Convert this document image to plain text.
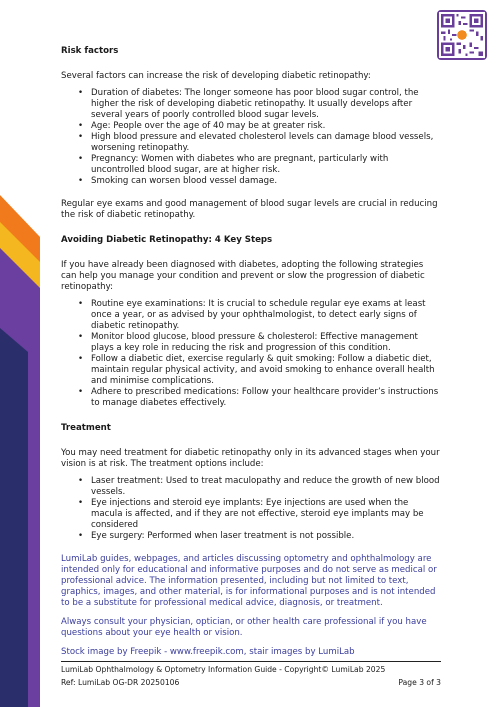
Risk factors

Several factors can increase the risk of developing diabetic retinopathy:

• Duration of diabetes: The longer someone has poor blood sugar control, the higher the risk of developing diabetic retinopathy. It usually develops after several years of poorly controlled blood sugar levels.
• Age: People over the age of 40 may be at greater risk.
• High blood pressure and elevated cholesterol levels can damage blood vessels, worsening retinopathy.
• Pregnancy: Women with diabetes who are pregnant, particularly with uncontrolled blood sugar, are at higher risk.
• Smoking can worsen blood vessel damage.

Regular eye exams and good management of blood sugar levels are crucial in reducing the risk of diabetic retinopathy.

Avoiding Diabetic Retinopathy: 4 Key Steps

If you have already been diagnosed with diabetes, adopting the following strategies can help you manage your condition and prevent or slow the progression of diabetic retinopathy:

• Routine eye examinations: It is crucial to schedule regular eye exams at least once a year, or as advised by your ophthalmologist, to detect early signs of diabetic retinopathy.
• Monitor blood glucose, blood pressure & cholesterol: Effective management plays a key role in reducing the risk and progression of this condition.
• Follow a diabetic diet, exercise regularly & quit smoking: Follow a diabetic diet, maintain regular physical activity, and avoid smoking to enhance overall health and minimise complications.
• Adhere to prescribed medications: Follow your healthcare provider’s instructions to manage diabetes effectively.

Treatment

You may need treatment for diabetic retinopathy only in its advanced stages when your vision is at risk. The treatment options include:

• Laser treatment: Used to treat maculopathy and reduce the growth of new blood vessels.
• Eye injections and steroid eye implants: Eye injections are used when the macula is affected, and if they are not effective, steroid eye implants may be considered
• Eye surgery: Performed when laser treatment is not possible.

LumiLab guides, webpages, and articles discussing optometry and ophthalmology are intended only for educational and informative purposes and do not serve as medical or professional advice. The information presented, including but not limited to text, graphics, images, and other material, is for informational purposes and is not intended to be a substitute for professional medical advice, diagnosis, or treatment.

Always consult your physician, optician, or other health care professional if you have questions about your eye health or vision.

Stock image by Freepik - www.freepik.com, stair images by LumiLab

LumiLab Ophthalmology & Optometry Information Guide - Copyright© LumiLab 2025
Ref: LumiLab OG-DR 20250106	Page 3 of 3
